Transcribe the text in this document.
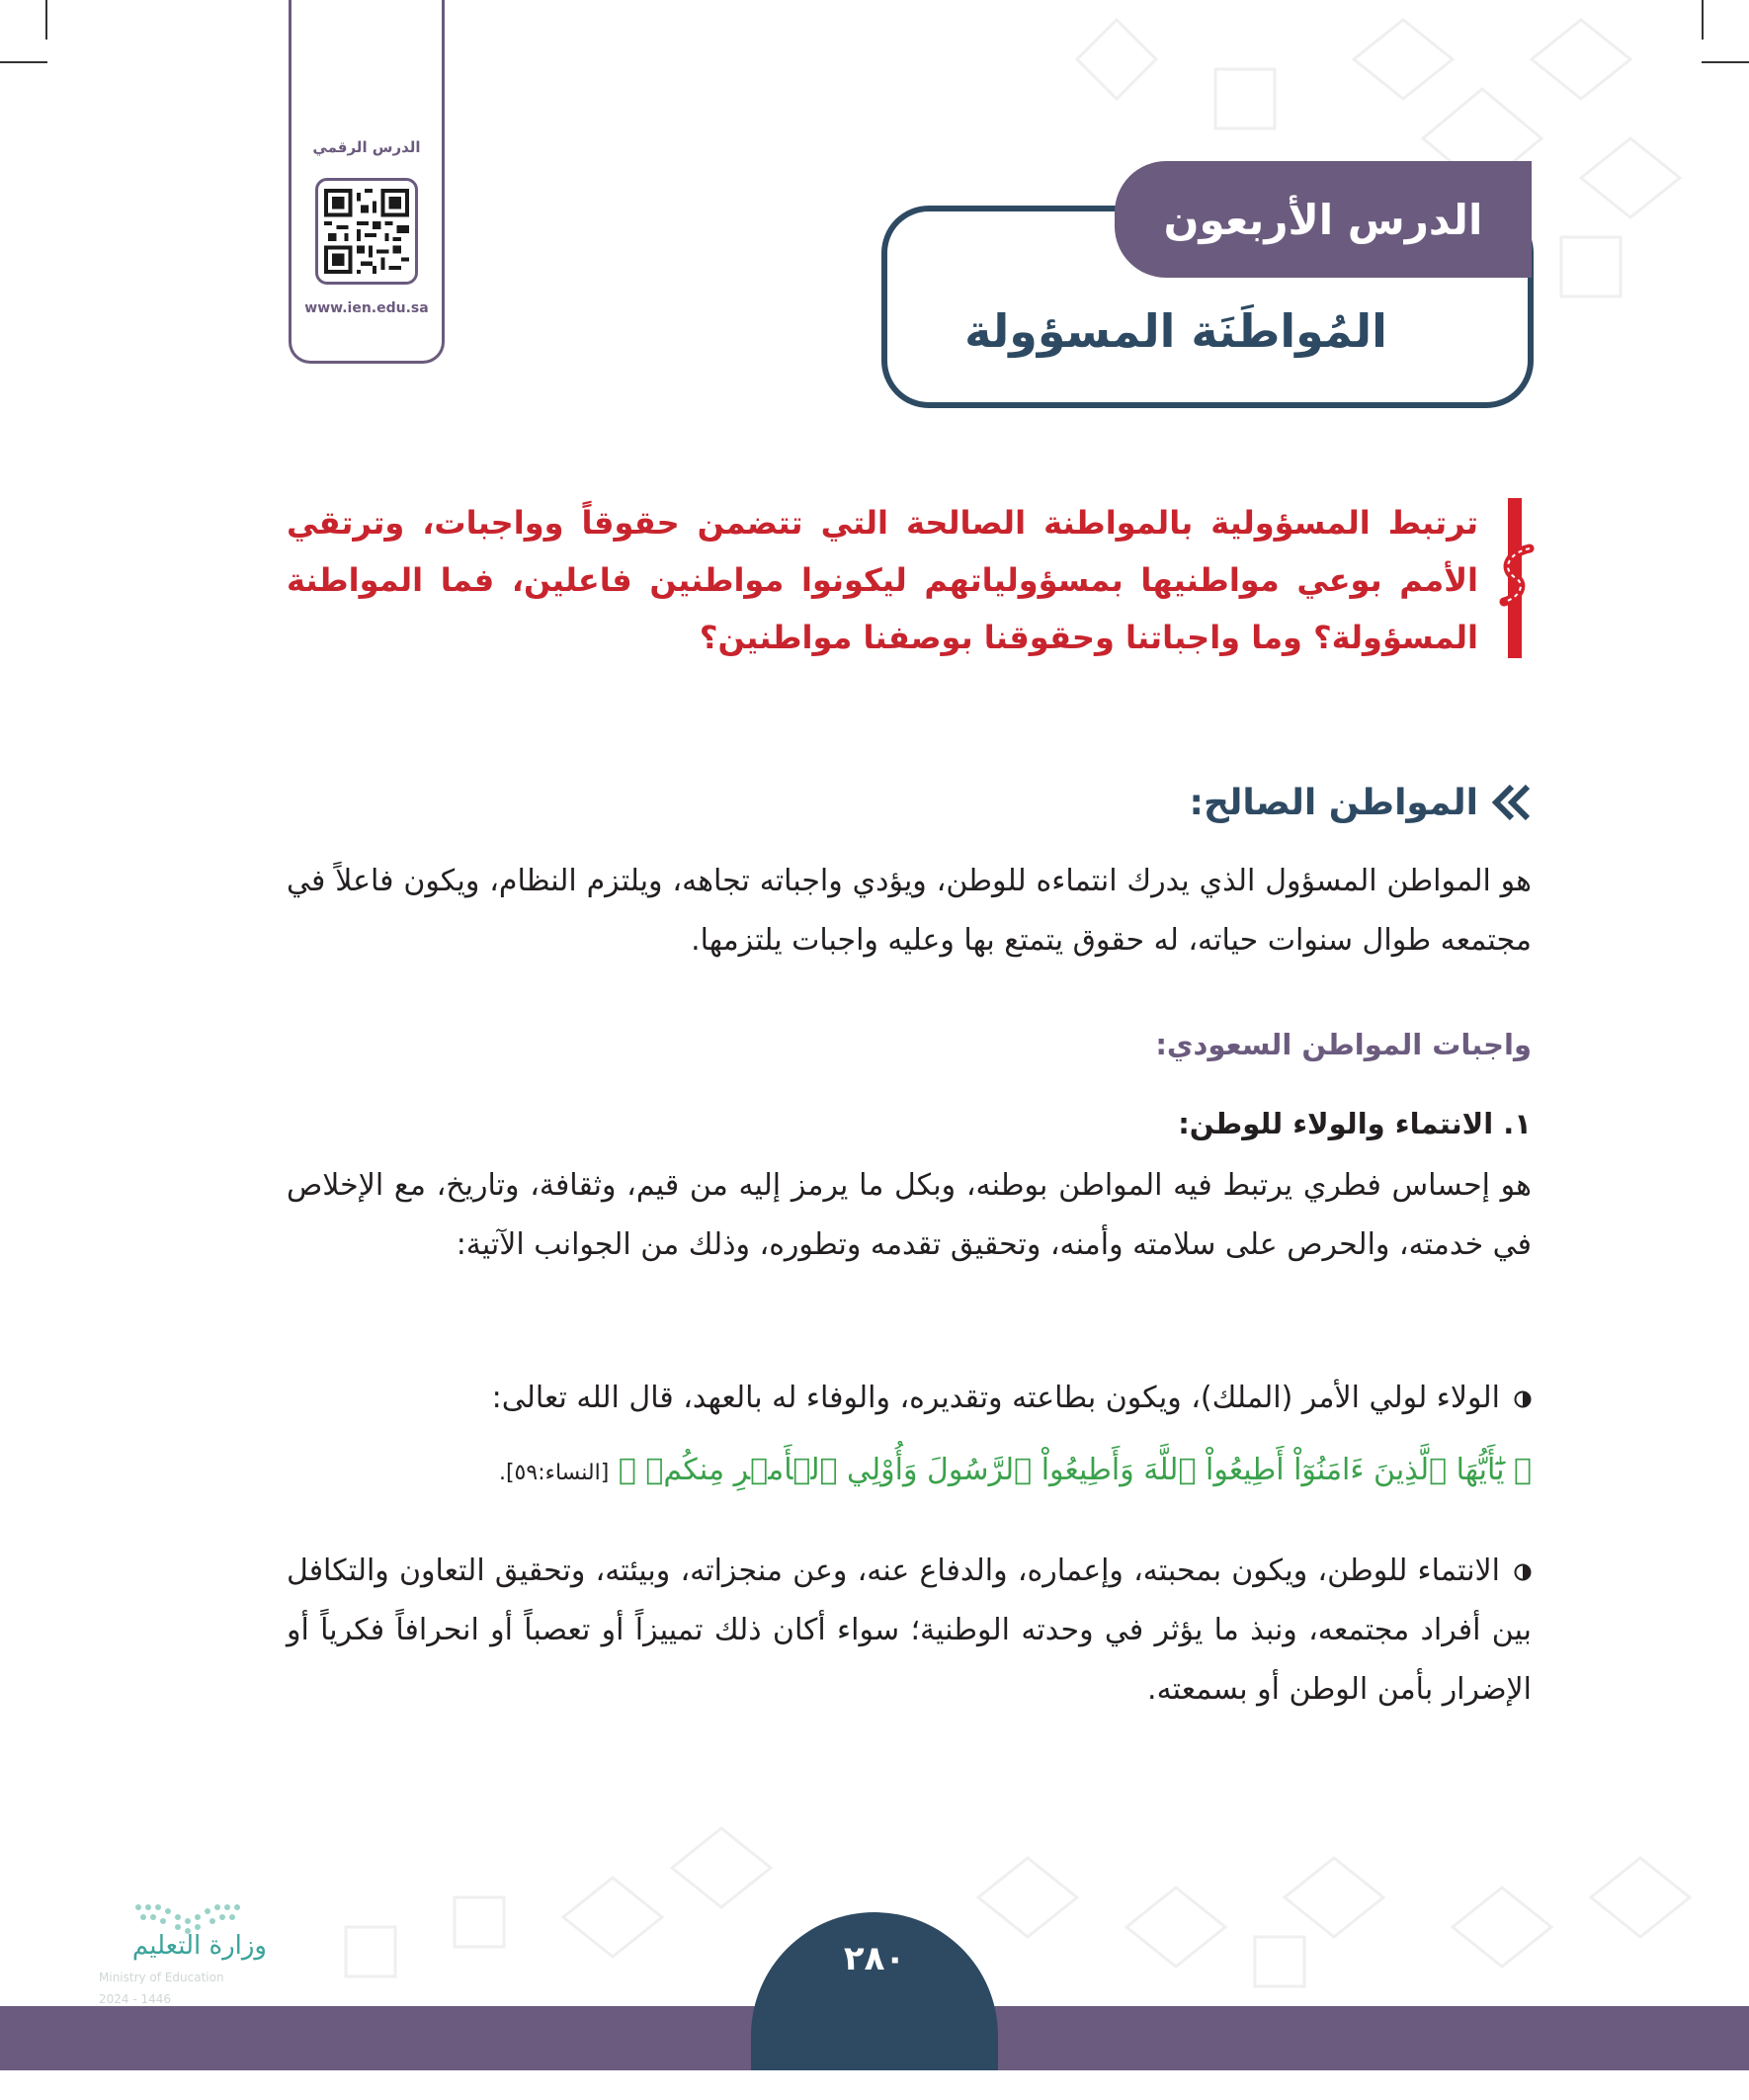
الدرس الرقمي
www.ien.edu.sa
الدرس الأربعون
المُواطَنَة المسؤولة
ترتبط المسؤولية بالمواطنة الصالحة التي تتضمن حقوقاً وواجبات، وترتقي الأمم بوعي مواطنيها بمسؤولياتهم ليكونوا مواطنين فاعلين، فما المواطنة المسؤولة؟ وما واجباتنا وحقوقنا بوصفنا مواطنين؟
المواطن الصالح:
هو المواطن المسؤول الذي يدرك انتماءه للوطن، ويؤدي واجباته تجاهه، ويلتزم النظام، ويكون فاعلاً في مجتمعه طوال سنوات حياته، له حقوق يتمتع بها وعليه واجبات يلتزمها.
واجبات المواطن السعودي:
١. الانتماء والولاء للوطن:
هو إحساس فطري يرتبط فيه المواطن بوطنه، وبكل ما يرمز إليه من قيم، وثقافة، وتاريخ، مع الإخلاص في خدمته، والحرص على سلامته وأمنه، وتحقيق تقدمه وتطوره، وذلك من الجوانب الآتية:
الولاء لولي الأمر (الملك)، ويكون بطاعته وتقديره، والوفاء له بالعهد، قال الله تعالى:
﴿ يَٰٓأَيُّهَا ٱلَّذِينَ ءَامَنُوٓاْ أَطِيعُواْ ٱللَّهَ وَأَطِيعُواْ ٱلرَّسُولَ وَأُوْلِي ٱلۡأَمۡرِ مِنكُمۡ ﴾ [النساء:٥٩].
الانتماء للوطن، ويكون بمحبته، وإعماره، والدفاع عنه، وعن منجزاته، وبيئته، وتحقيق التعاون والتكافل بين أفراد مجتمعه، ونبذ ما يؤثر في وحدته الوطنية؛ سواء أكان ذلك تمييزاً أو تعصباً أو انحرافاً فكرياً أو الإضرار بأمن الوطن أو بسمعته.
٢٨٠
وزارة التعليم
Ministry of Education
2024 - 1446
